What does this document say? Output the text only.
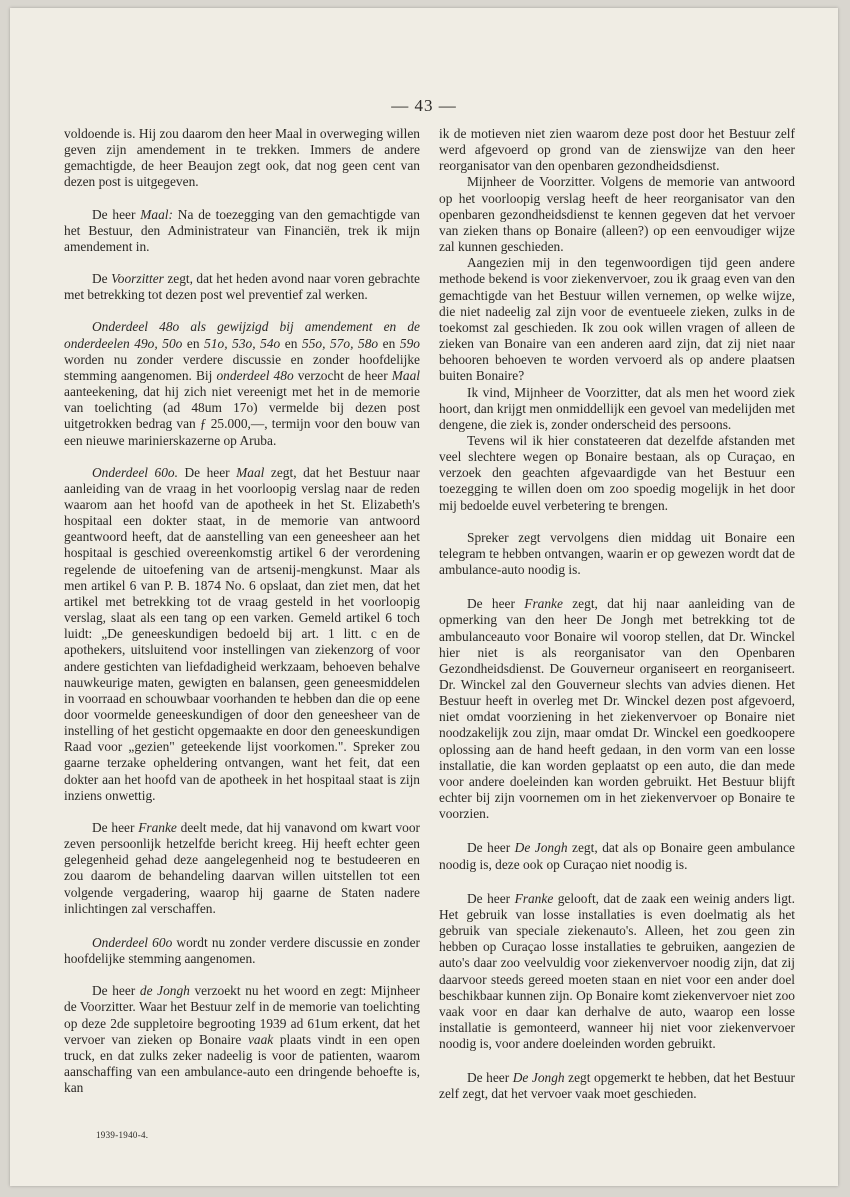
— 43 —

voldoende is. Hij zou daarom den heer Maal in overweging willen geven zijn amendement in te trekken. Immers de andere gemachtigde, de heer Beaujon zegt ook, dat nog geen cent van dezen post is uitgegeven.

De heer Maal: Na de toezegging van den gemachtigde van het Bestuur, den Administrateur van Financiën, trek ik mijn amendement in.

De Voorzitter zegt, dat het heden avond naar voren gebrachte met betrekking tot dezen post wel preventief zal werken.

Onderdeel 48o als gewijzigd bij amendement en de onderdeelen 49o, 50o en 51o, 53o, 54o en 55o, 57o, 58o en 59o worden nu zonder verdere discussie en zonder hoofdelijke stemming aangenomen. Bij onderdeel 48o verzocht de heer Maal aanteekening, dat hij zich niet vereenigt met het in de memorie van toelichting (ad 48um 17o) vermelde bij dezen post uitgetrokken bedrag van ƒ 25.000,—, termijn voor den bouw van een nieuwe marinierskazerne op Aruba.

Onderdeel 60o. De heer Maal zegt, dat het Bestuur naar aanleiding van de vraag in het voorloopig verslag naar de reden waarom aan het hoofd van de apotheek in het St. Elizabeth's hospitaal een dokter staat, in de memorie van antwoord geantwoord heeft, dat de aanstelling van een geneesheer aan het hospitaal is geschied overeenkomstig artikel 6 der verordening regelende de uitoefening van de artsenij-mengkunst. Maar als men artikel 6 van P. B. 1874 No. 6 opslaat, dan ziet men, dat het artikel met betrekking tot de vraag gesteld in het voorloopig verslag, slaat als een tang op een varken. Gemeld artikel 6 toch luidt: „De geneeskundigen bedoeld bij art. 1 litt. c en de apothekers, uitsluitend voor instellingen van ziekenzorg of voor andere gestichten van liefdadigheid werkzaam, behoeven behalve nauwkeurige maten, gewigten en balansen, geen geneesmiddelen in voorraad en schouwbaar voorhanden te hebben dan die op eene door voormelde geneeskundigen of door den geneesheer van de instelling of het gesticht opgemaakte en door den geneeskundigen Raad voor „gezien" geteekende lijst voorkomen.". Spreker zou gaarne terzake opheldering ontvangen, want het feit, dat een dokter aan het hoofd van de apotheek in het hospitaal staat is zijn inziens onwettig.

De heer Franke deelt mede, dat hij vanavond om kwart voor zeven persoonlijk hetzelfde bericht kreeg. Hij heeft echter geen gelegenheid gehad deze aangelegenheid nog te bestudeeren en zou daarom de behandeling daarvan willen uitstellen tot een volgende vergadering, waarop hij gaarne de Staten nadere inlichtingen zal verschaffen.

Onderdeel 60o wordt nu zonder verdere discussie en zonder hoofdelijke stemming aangenomen.

De heer de Jongh verzoekt nu het woord en zegt: Mijnheer de Voorzitter. Waar het Bestuur zelf in de memorie van toelichting op deze 2de suppletoire begrooting 1939 ad 61um erkent, dat het vervoer van zieken op Bonaire vaak plaats vindt in een open truck, en dat zulks zeker nadeelig is voor de patienten, waarom aanschaffing van een ambulance-auto een dringende behoefte is, kan

ik de motieven niet zien waarom deze post door het Bestuur zelf werd afgevoerd op grond van de zienswijze van den heer reorganisator van den openbaren gezondheidsdienst.

Mijnheer de Voorzitter. Volgens de memorie van antwoord op het voorloopig verslag heeft de heer reorganisator van den openbaren gezondheidsdienst te kennen gegeven dat het vervoer van zieken thans op Bonaire (alleen?) op een eenvoudiger wijze zal kunnen geschieden.

Aangezien mij in den tegenwoordigen tijd geen andere methode bekend is voor ziekenvervoer, zou ik graag even van den gemachtigde van het Bestuur willen vernemen, op welke wijze, die niet nadeelig zal zijn voor de eventueele zieken, zulks in de toekomst zal geschieden. Ik zou ook willen vragen of alleen de zieken van Bonaire van een anderen aard zijn, dat zij niet naar behooren behoeven te worden vervoerd als op andere plaatsen buiten Bonaire?

Ik vind, Mijnheer de Voorzitter, dat als men het woord ziek hoort, dan krijgt men onmiddellijk een gevoel van medelijden met dengene, die ziek is, zonder onderscheid des persoons.

Tevens wil ik hier constateeren dat dezelfde afstanden met veel slechtere wegen op Bonaire bestaan, als op Curaçao, en verzoek den geachten afgevaardigde van het Bestuur een toezegging te willen doen om zoo spoedig mogelijk in het door mij bedoelde euvel verbetering te brengen.

Spreker zegt vervolgens dien middag uit Bonaire een telegram te hebben ontvangen, waarin er op gewezen wordt dat de ambulance-auto noodig is.

De heer Franke zegt, dat hij naar aanleiding van de opmerking van den heer De Jongh met betrekking tot de ambulanceauto voor Bonaire wil voorop stellen, dat Dr. Winckel hier niet is als reorganisator van den Openbaren Gezondheidsdienst. De Gouverneur organiseert en reorganiseert. Dr. Winckel zal den Gouverneur slechts van advies dienen. Het Bestuur heeft in overleg met Dr. Winckel dezen post afgevoerd, niet omdat voorziening in het ziekenvervoer op Bonaire niet noodzakelijk zou zijn, maar omdat Dr. Winckel een goedkoopere oplossing aan de hand heeft gedaan, in den vorm van een losse installatie, die kan worden geplaatst op een auto, die dan mede voor andere doeleinden kan worden gebruikt. Het Bestuur blijft echter bij zijn voornemen om in het ziekenvervoer op Bonaire te voorzien.

De heer De Jongh zegt, dat als op Bonaire geen ambulance noodig is, deze ook op Curaçao niet noodig is.

De heer Franke gelooft, dat de zaak een weinig anders ligt. Het gebruik van losse installaties is even doelmatig als het gebruik van speciale ziekenauto's. Alleen, het zou geen zin hebben op Curaçao losse installaties te gebruiken, aangezien de auto's daar zoo veelvuldig voor ziekenvervoer noodig zijn, dat zij daarvoor steeds gereed moeten staan en niet voor een ander doel beschikbaar kunnen zijn. Op Bonaire komt ziekenvervoer niet zoo vaak voor en daar kan derhalve de auto, waarop een losse installatie is gemonteerd, wanneer hij niet voor ziekenvervoer noodig is, voor andere doeleinden worden gebruikt.

De heer De Jongh zegt opgemerkt te hebben, dat het Bestuur zelf zegt, dat het vervoer vaak moet geschieden.

1939-1940-4.
